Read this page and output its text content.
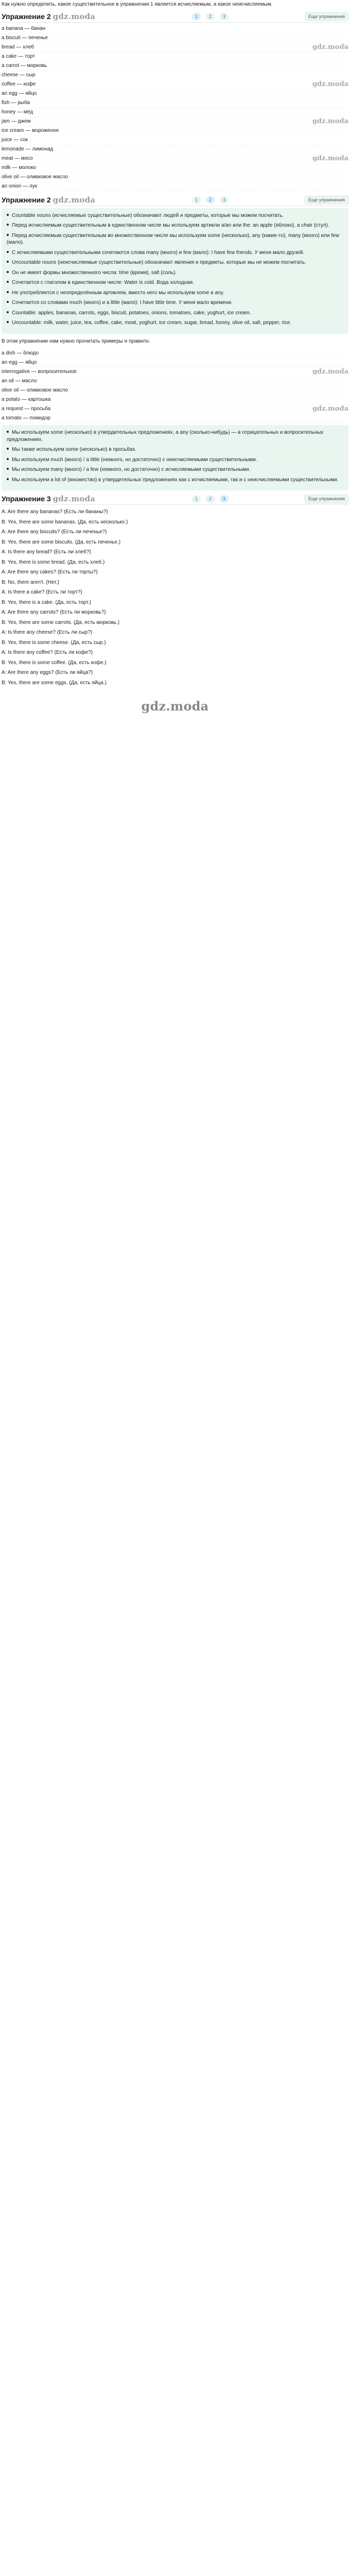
Как нужно определить, какое существительное в упражнении 1 является исчисляемым, а какое неисчисляемым.

Упражнение 2 gdz.moda	1	2	3	Еще упражнения
a banana — банан
a biscuit — печенье
bread — хлеб	gdz.moda
a cake — торт
a carrot — морковь
cheese — сыр
coffee — кофе	gdz.moda
an egg — яйцо
fish — рыба
honey — мёд
jam — джем	gdz.moda
ice cream — мороженое
juice — сок
lemonade — лимонад
meat — мясо	gdz.moda
milk — молоко
olive oil — оливковое масло
an onion — лук
Упражнение 2 gdz.moda	1	2	3	Еще упражнения

Countable nouns (исчисляемые существительные) обозначают людей и предметы, которые мы можем посчитать.

Перед исчисляемым существительным в единственном числе мы используем артикли a/an или the: an apple (яблоко), a chair (стул).

Перед исчисляемым существительным во множественном числе мы используем some (несколько), any (какие-то), many (много) или few (мало).

С исчисляемыми существительными сочетаются слова many (много) и few (мало): I have few friends. У меня мало друзей.

Uncountable nouns (неисчисляемые существительные) обозначают явления и предметы, которые мы не можем посчитать.

Он не имеет формы множественного числа: time (время), salt (соль).

Сочетается с глаголом в единственном числе: Water is cold. Вода холодная.

Не употребляется с неопределённым артиклем, вместо него мы используем some и any.

Сочетается со словами much (много) и a little (мало): I have little time. У меня мало времени.

Countable: apples, bananas, carrots, eggs, biscuit, potatoes, onions, tomatoes, cake, yoghurt, ice cream.

Uncountable: milk, water, juice, tea, coffee, cake, meat, yoghurt, ice cream, sugar, bread, honey, olive oil, salt, pepper, rice.

В этом упражнении нам нужно прочитать примеры и правило.

a dish — блюдо
an egg — яйцо
interrogative — вопросительное	gdz.moda
an oil — масло
olive oil — оливковое масло
a potato — картошка
a request — просьба	gdz.moda
a tomato — помидор

Мы используем some (несколько) в утвердительных предложениях, а any (сколько-нибудь) — в отрицательных и вопросительных предложениях.

Мы также используем some (несколько) в просьбах.

Мы используем much (много) / a little (немного, но достаточно) с неисчисляемыми существительными.

Мы используем many (много) / a few (немного, но достаточно) с исчисляемыми существительными.

Мы используем a lot of (множество) в утвердительных предложениях как с исчисляемыми, так и с неисчисляемыми существительными.

Упражнение 3 gdz.moda	1	2	3	Еще упражнения

A: Are there any bananas? (Есть ли бананы?)

B: Yes, there are some bananas. (Да, есть несколько.)

A: Are there any biscuits? (Есть ли печенье?)

B: Yes, there are some biscuits. (Да, есть печенье.)

A: Is there any bread? (Есть ли хлеб?)

B: Yes, there is some bread. (Да, есть хлеб.)

A: Are there any cakes? (Есть ли торты?)

B: No, there aren't. (Нет.)

A: Is there a cake? (Есть ли торт?)

B: Yes, there is a cake. (Да, есть торт.)

A: Are there any carrots? (Есть ли морковь?)

B: Yes, there are some carrots. (Да, есть морковь.)

A: Is there any cheese? (Есть ли сыр?)

B: Yes, there is some cheese. (Да, есть сыр.)

A: Is there any coffee? (Есть ли кофе?)

B: Yes, there is some coffee. (Да, есть кофе.)

A: Are there any eggs? (Есть ли яйца?)

B: Yes, there are some eggs. (Да, есть яйца.)

gdz.moda
